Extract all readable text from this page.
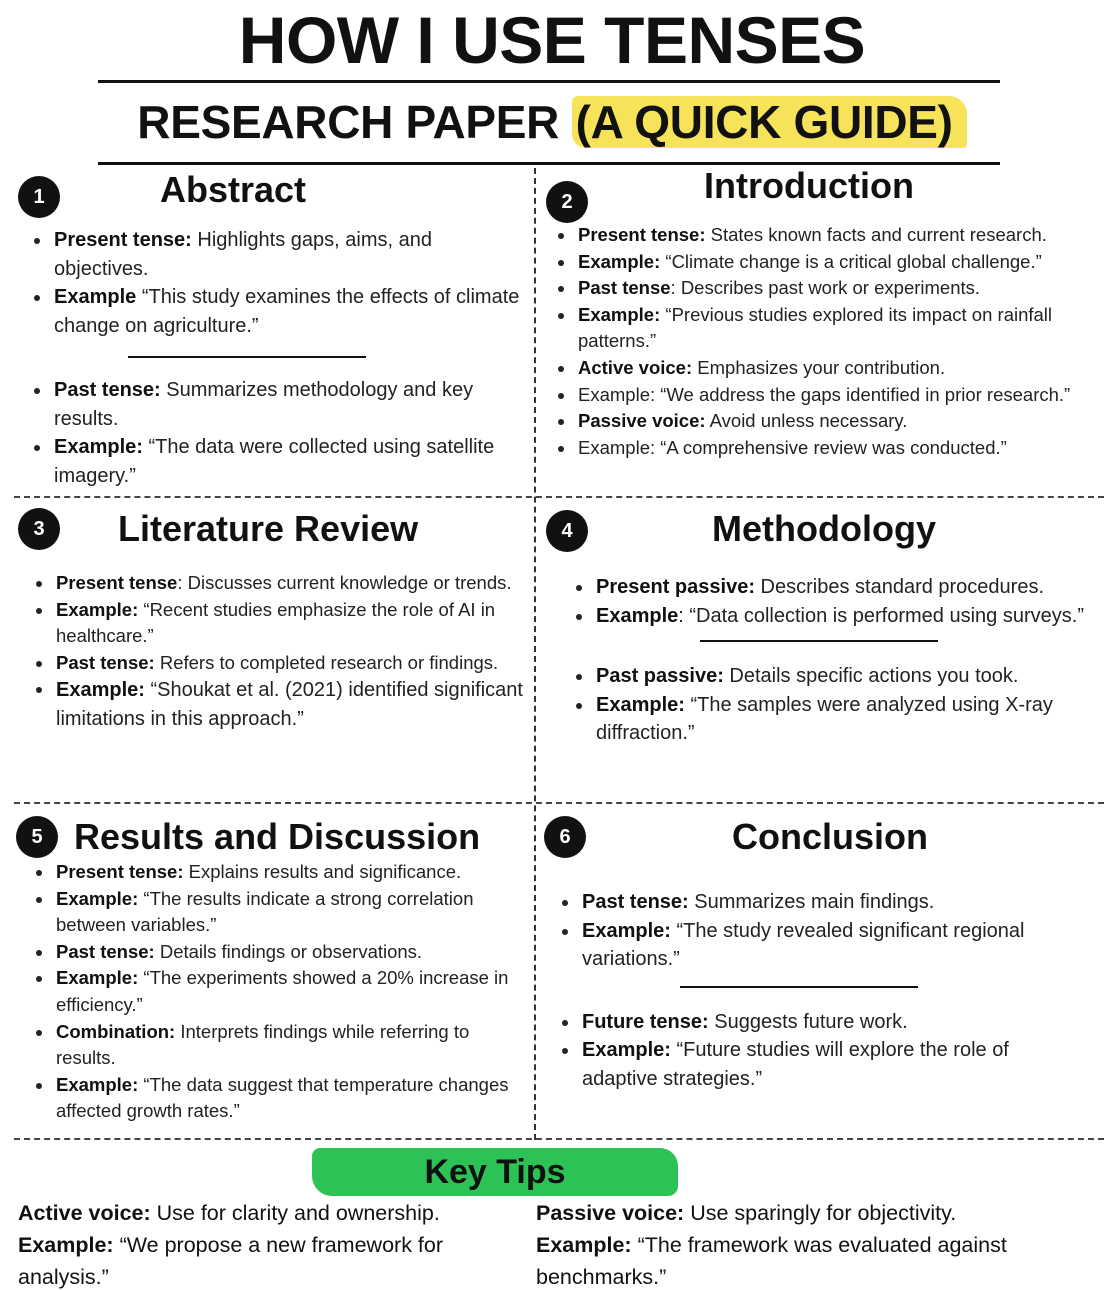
HOW I USE TENSES
RESEARCH PAPER (A QUICK GUIDE)
1	Abstract
Present tense: Highlights gaps, aims, and objectives.
Example “This study examines the effects of climate change on agriculture.”
Past tense: Summarizes methodology and key results.
Example: “The data were collected using satellite imagery.”
2	Introduction
Present tense: States known facts and current research.
Example: “Climate change is a critical global challenge.”
Past tense: Describes past work or experiments.
Example: “Previous studies explored its impact on rainfall patterns.”
Active voice: Emphasizes your contribution.
Example: “We address the gaps identified in prior research.”
Passive voice: Avoid unless necessary.
Example: “A comprehensive review was conducted.”
3	Literature Review
Present tense: Discusses current knowledge or trends.
Example: “Recent studies emphasize the role of AI in healthcare.”
Past tense: Refers to completed research or findings.
Example: “Shoukat et al. (2021) identified significant limitations in this approach.”
4	Methodology
Present passive: Describes standard procedures.
Example: “Data collection is performed using surveys.”
Past passive: Details specific actions you took.
Example: “The samples were analyzed using X-ray diffraction.”
5 Results and Discussion
Present tense: Explains results and significance.
Example: “The results indicate a strong correlation between variables.”
Past tense: Details findings or observations.
Example: “The experiments showed a 20% increase in efficiency.”
Combination: Interprets findings while referring to results.
Example: “The data suggest that temperature changes affected growth rates.”
6	Conclusion
Past tense: Summarizes main findings.
Example: “The study revealed significant regional variations.”
Future tense: Suggests future work.
Example: “Future studies will explore the role of adaptive strategies.”
Key Tips
Active voice: Use for clarity and ownership.
Example: “We propose a new framework for analysis.”
Passive voice: Use sparingly for objectivity.
Example: “The framework was evaluated against benchmarks.”
